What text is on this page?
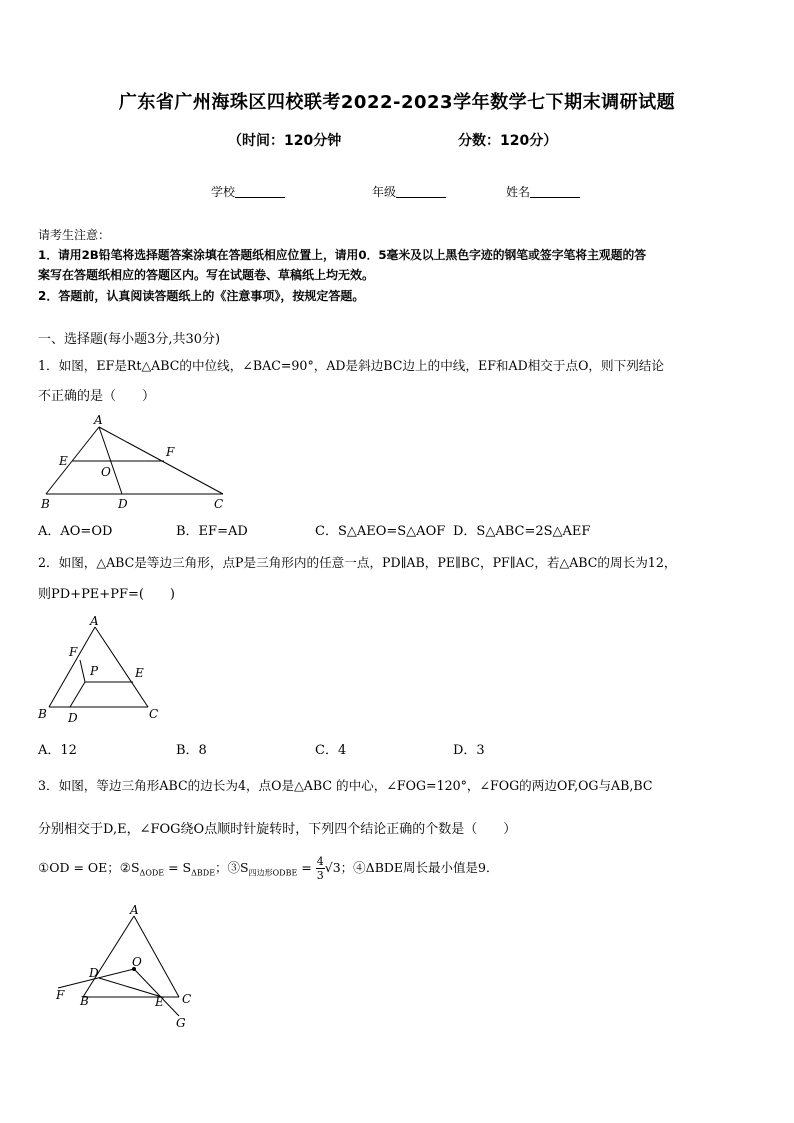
广东省广州海珠区四校联考2022-2023学年数学七下期末调研试题
（时间：120分钟	分数：120分）
学校	年级	姓名
请考生注意：
1．请用2B铅笔将选择题答案涂填在答题纸相应位置上，请用0．5毫米及以上黑色字迹的钢笔或签字笔将主观题的答
案写在答题纸相应的答题区内。写在试题卷、草稿纸上均无效。
2．答题前，认真阅读答题纸上的《注意事项》，按规定答题。
一、选择题(每小题3分,共30分)
1．如图，EF是Rt△ABC的中位线，∠BAC=90°，AD是斜边BC边上的中线，EF和AD相交于点O，则下列结论
不正确的是（　　）
A
E
F
O
B	D	C
A．AO=OD	B．EF=AD	C．S△AEO=S△AOF D．S△ABC=2S△AEF
2．如图，△ABC是等边三角形，点P是三角形内的任意一点，PD∥AB，PE∥BC，PF∥AC，若△ABC的周长为12，
则PD+PE+PF=(　　)
A
F
P	E
B D	C
A．12	B．8	C．4	D．3
3．如图，等边三角形ABC的边长为4，点O是△ABC 的中心，∠FOG=120°，∠FOG的两边OF,OG与AB,BC
分别相交于D,E，∠FOG绕O点顺时针旋转时，下列四个结论正确的个数是（　　）
①OD = OE；$②S_{\Delta ODE} = S_{\Delta BDE}$；$③S_{四边形ODBE} = \frac{4}{3} √3$；④ΔBDE周长最小值是9．
A
O
D
F B	E C
G
